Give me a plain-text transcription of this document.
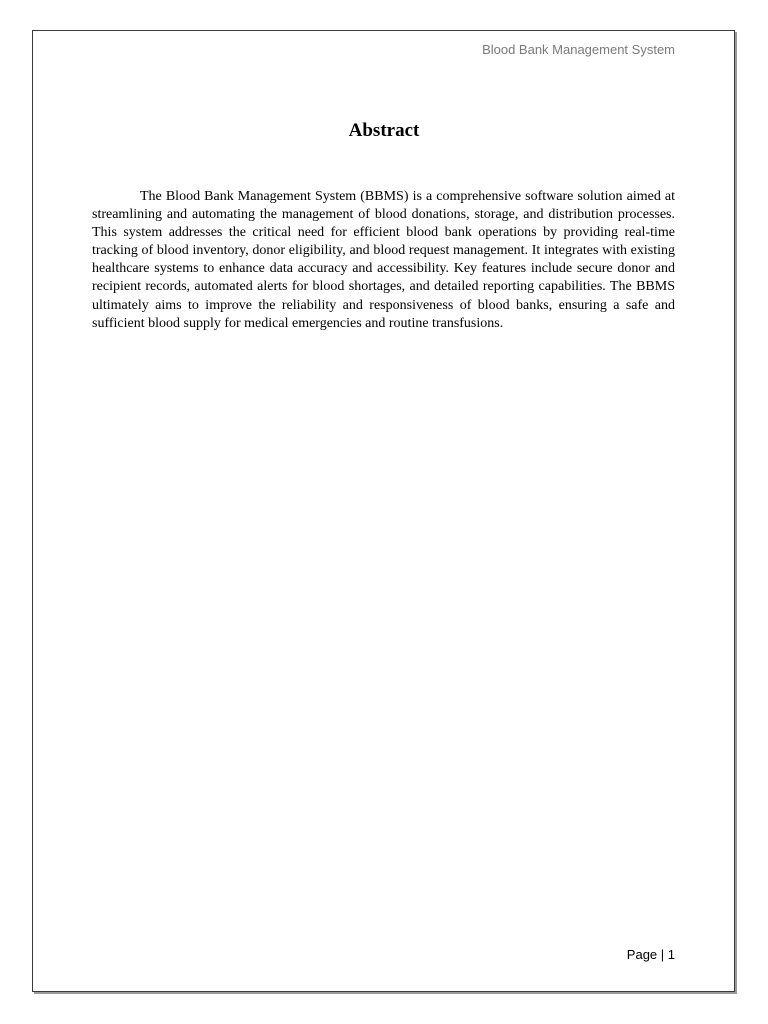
Blood Bank Management System
Abstract

The Blood Bank Management System (BBMS) is a comprehensive software solution aimed at streamlining and automating the management of blood donations, storage, and distribution processes. This system addresses the critical need for efficient blood bank operations by providing real-time tracking of blood inventory, donor eligibility, and blood request management. It integrates with existing healthcare systems to enhance data accuracy and accessibility. Key features include secure donor and recipient records, automated alerts for blood shortages, and detailed reporting capabilities. The BBMS ultimately aims to improve the reliability and responsiveness of blood banks, ensuring a safe and sufficient blood supply for medical emergencies and routine transfusions.

Page | 1
